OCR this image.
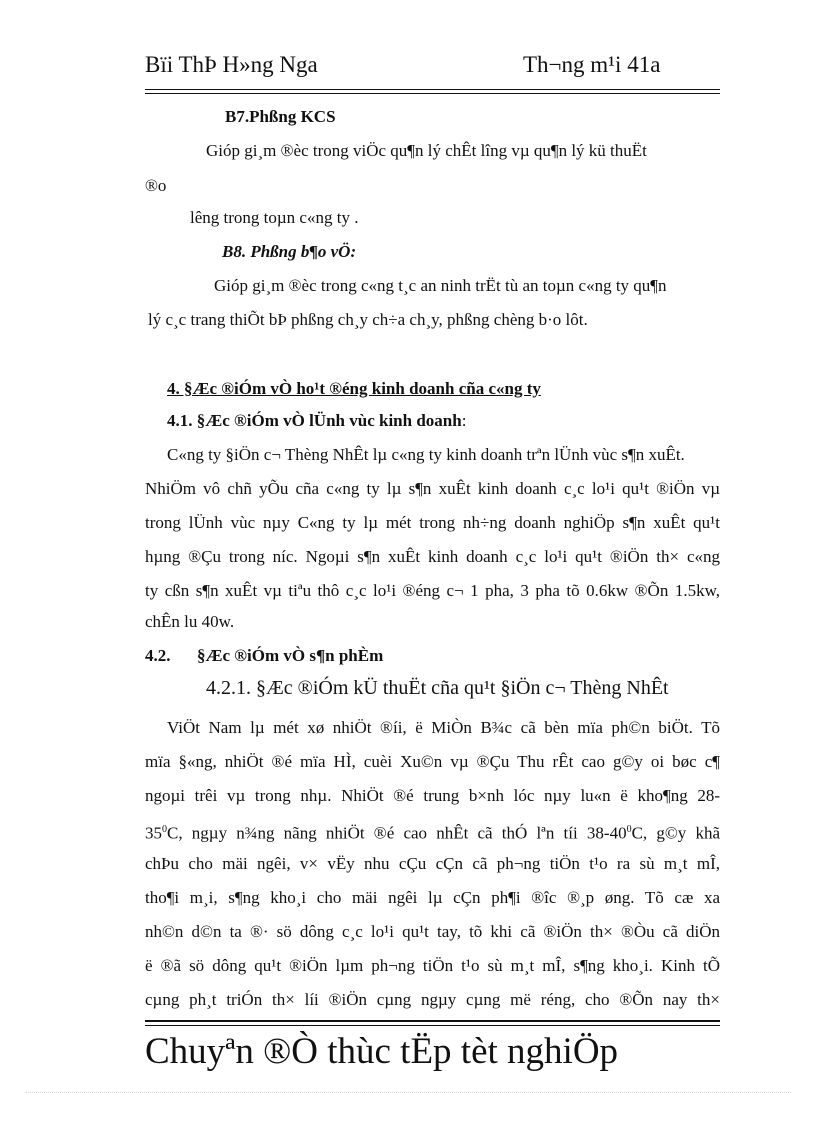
Bïi ThÞ H»ng Nga	Th¬ng m¹i 41a
B7.Phßng KCS
Gióp gi¸m ®èc trong viÖc qu¶n lý chÊt lîng vµ qu¶n lý kü thuËt
®o
lêng trong toµn c«ng ty .
B8. Phßng b¶o vÖ:
Gióp gi¸m ®èc trong c«ng t¸c an ninh trËt tù an toµn c«ng ty qu¶n
lý c¸c trang thiÕt bÞ phßng ch¸y ch÷a ch¸y, phßng chèng b·o lôt.
4. §Æc ®iÓm vÒ ho¹t ®éng kinh doanh cña c«ng ty
4.1. §Æc ®iÓm vÒ lÜnh vùc kinh doanh:
C«ng ty §iÖn c¬ Thèng NhÊt lµ c«ng ty kinh doanh trªn lÜnh vùc s¶n xuÊt.
NhiÖm vô chñ yÕu cña c«ng ty lµ s¶n xuÊt kinh doanh c¸c lo¹i qu¹t ®iÖn vµ
trong lÜnh vùc nµy C«ng ty lµ mét trong nh÷ng doanh nghiÖp s¶n xuÊt qu¹t
hµng ®Çu trong níc. Ngoµi s¶n xuÊt kinh doanh c¸c lo¹i qu¹t ®iÖn th× c«ng
ty cßn s¶n xuÊt vµ tiªu thô c¸c lo¹i ®éng c¬ 1 pha, 3 pha tõ 0.6kw ®Õn 1.5kw,
chÊn lu 40w.
4.2. §Æc ®iÓm vÒ s¶n phÈm
4.2.1. §Æc ®iÓm kÜ thuËt cña qu¹t §iÖn c¬ Thèng NhÊt
ViÖt Nam lµ mét xø nhiÖt ®íi, ë MiÒn B¾c cã bèn mïa ph©n biÖt. Tõ
mïa §«ng, nhiÖt ®é mïa HÌ, cuèi Xu©n vµ ®Çu Thu rÊt cao g©y oi bøc c¶
ngoµi trêi vµ trong nhµ. NhiÖt ®é trung b×nh lóc nµy lu«n ë kho¶ng 28-
$35^0C$, ngµy n¾ng nãng nhiÖt ®é cao nhÊt cã thÓ lªn tíi $38-40^0C$, g©y khã
chÞu cho mäi ngêi, v× vËy nhu cÇu cÇn cã ph¬ng tiÖn t¹o ra sù m¸t mÎ,
tho¶i m¸i, s¶ng kho¸i cho mäi ngêi lµ cÇn ph¶i ®îc ®¸p øng. Tõ cæ xa
nh©n d©n ta ®· sö dông c¸c lo¹i qu¹t tay, tõ khi cã ®iÖn th× ®Òu cã diÖn
ë ®ã sö dông qu¹t ®iÖn lµm ph¬ng tiÖn t¹o sù m¸t mÎ, s¶ng kho¸i. Kinh tÕ
cµng ph¸t triÓn th× líi ®iÖn cµng ngµy cµng më réng, cho ®Õn nay th×
Chuyªn ®Ò thùc tËp tèt nghiÖp
